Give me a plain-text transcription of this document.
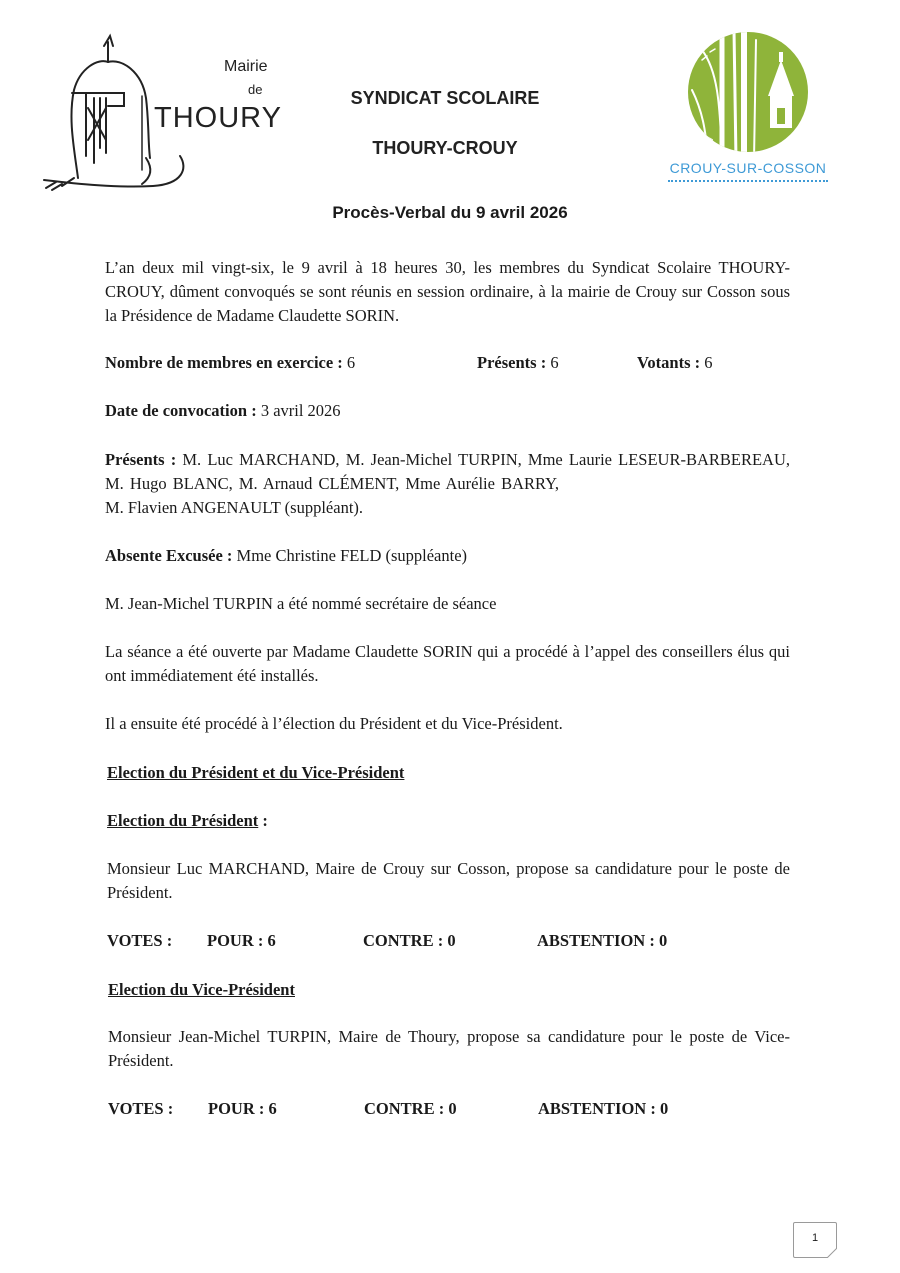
Mairie
de
THOURY
SYNDICAT SCOLAIRE
THOURY-CROUY
CROUY-SUR-COSSON
Procès-Verbal du 9 avril 2026
L’an deux mil vingt-six, le 9 avril à 18 heures 30, les membres du Syndicat Scolaire THOURY-CROUY, dûment convoqués se sont réunis en session ordinaire, à la mairie de Crouy sur Cosson sous la Présidence de Madame Claudette SORIN.
Nombre de membres en exercice : 6	Présents : 6	Votants : 6
Date de convocation : 3 avril 2026
Présents : M. Luc MARCHAND, M. Jean-Michel TURPIN, Mme Laurie LESEUR-BARBEREAU, M. Hugo BLANC, M. Arnaud CLÉMENT, Mme Aurélie BARRY,
M. Flavien ANGENAULT (suppléant).
Absente Excusée : Mme Christine FELD (suppléante)
M. Jean-Michel TURPIN a été nommé secrétaire de séance
La séance a été ouverte par Madame Claudette SORIN qui a procédé à l’appel des conseillers élus qui ont immédiatement été installés.
Il a ensuite été procédé à l’élection du Président et du Vice-Président.
Election du Président et du Vice-Président
Election du Président :
Monsieur Luc MARCHAND, Maire de Crouy sur Cosson, propose sa candidature pour le poste de Président.
VOTES : POUR : 6	CONTRE : 0	ABSTENTION : 0
Election du Vice-Président
Monsieur Jean-Michel TURPIN, Maire de Thoury, propose sa candidature pour le poste de Vice-Président.
VOTES : POUR : 6	CONTRE : 0	ABSTENTION : 0
1
